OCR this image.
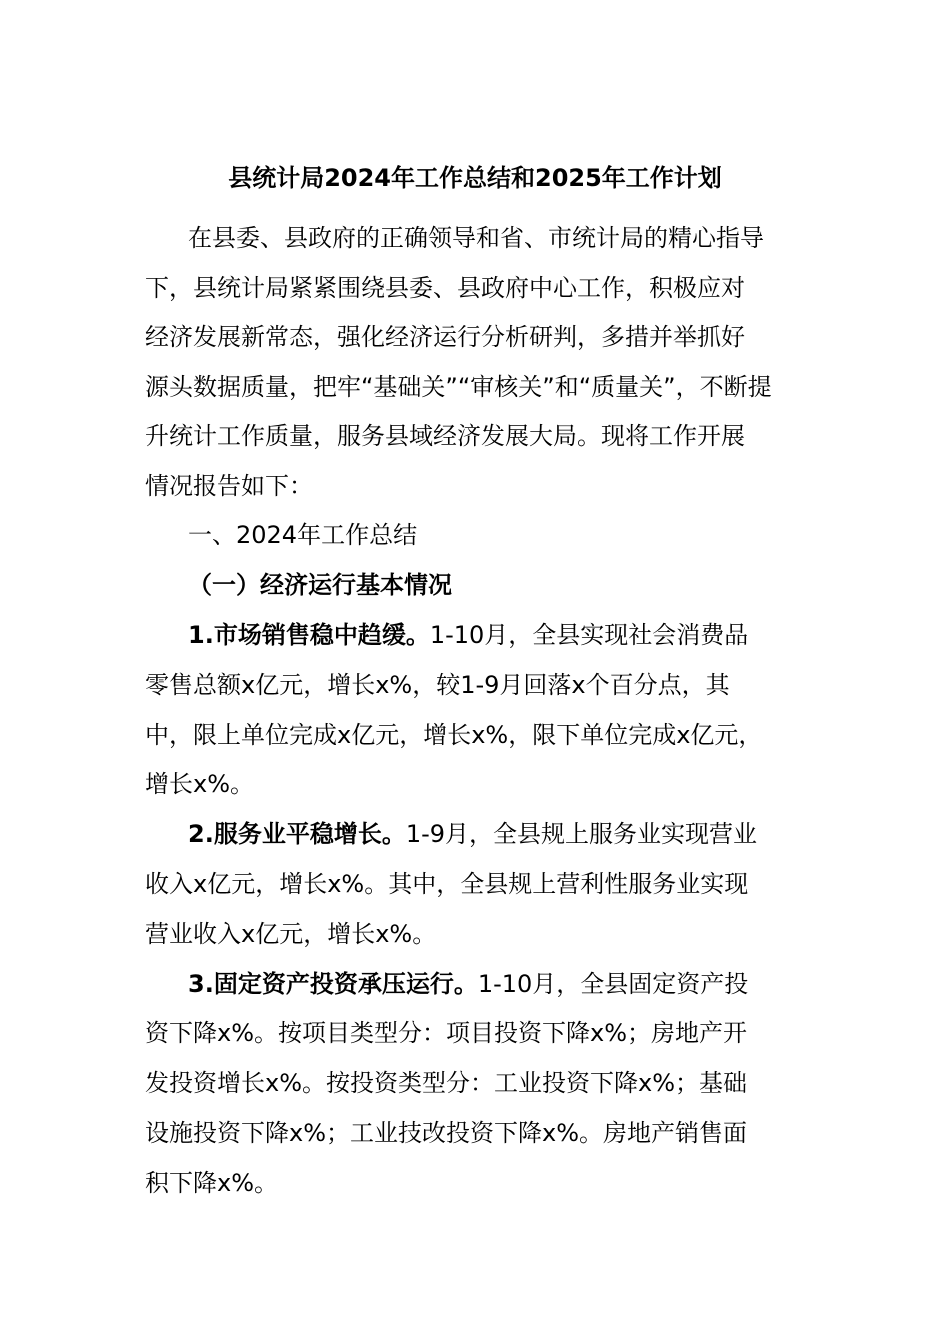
县统计局2024年工作总结和2025年工作计划
在县委、县政府的正确领导和省、市统计局的精心指导
下，县统计局紧紧围绕县委、县政府中心工作，积极应对
经济发展新常态，强化经济运行分析研判，多措并举抓好
源头数据质量，把牢“基础关”“审核关”和“质量关”，不断提
升统计工作质量，服务县域经济发展大局。现将工作开展
情况报告如下：
一、2024年工作总结
（一）经济运行基本情况
1.市场销售稳中趋缓。1-10月，全县实现社会消费品
零售总额x亿元，增长x%，较1-9月回落x个百分点，其
中，限上单位完成x亿元，增长x%，限下单位完成x亿元，
增长x%。
2.服务业平稳增长。1-9月，全县规上服务业实现营业
收入x亿元，增长x%。其中，全县规上营利性服务业实现
营业收入x亿元，增长x%。
3.固定资产投资承压运行。1-10月，全县固定资产投
资下降x%。按项目类型分：项目投资下降x%；房地产开
发投资增长x%。按投资类型分：工业投资下降x%；基础
设施投资下降x%；工业技改投资下降x%。房地产销售面
积下降x%。
